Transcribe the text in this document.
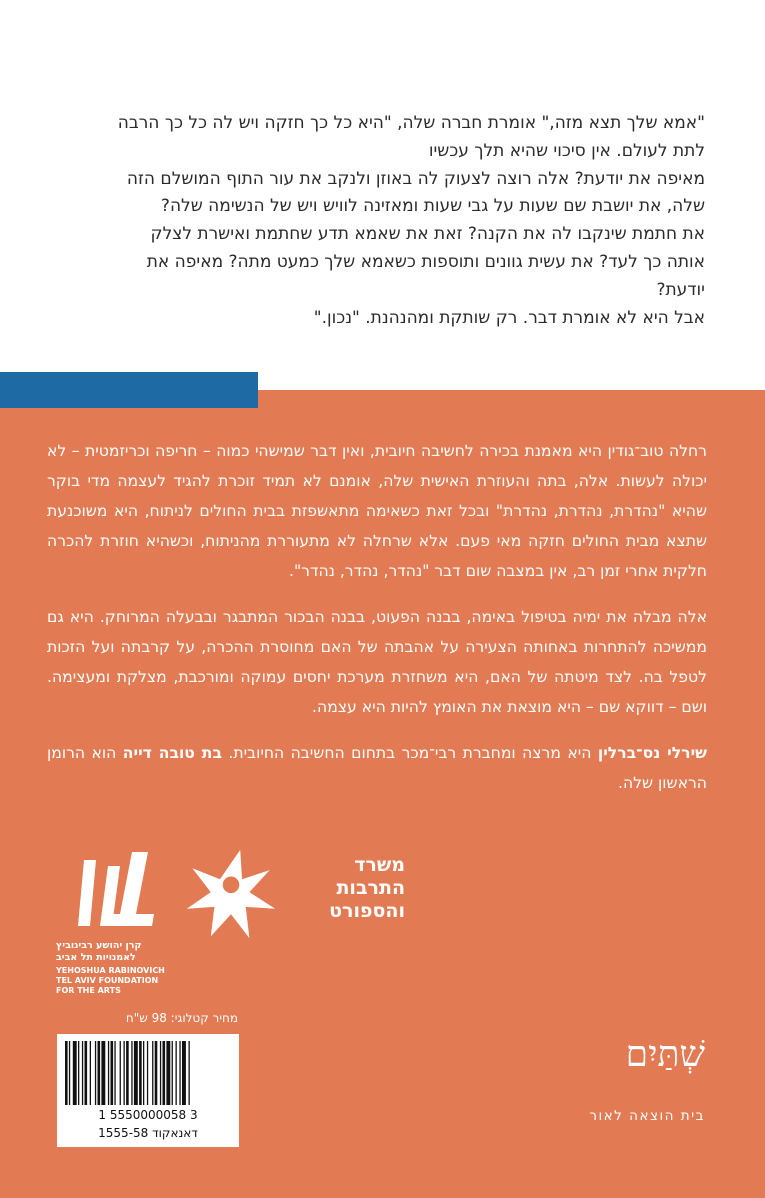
"אמא שלך תצא מזה," אומרת חברה שלה, "היא כל כך חזקה ויש לה כל כך הרבה

לתת לעולם. אין סיכוי שהיא תלך עכשיו

מאיפה את יודעת? אלה רוצה לצעוק לה באוזן ולנקב את עור התוף המושלם הזה

שלה, את יושבת שם שעות על גבי שעות ומאזינה לוויש ויש של הנשימה שלה?

את חתמת שינקבו לה את הקנה? זאת את שאמא תדע שחתמת ואישרת לצלק

אותה כך לעד? את עשית גוונים ותוספות כשאמא שלך כמעט מתה? מאיפה את

יודעת?

אבל היא לא אומרת דבר. רק שותקת ומהנהנת. "נכון."

רחלה טוב־גודין היא מאמנת בכירה לחשיבה חיובית, ואין דבר שמישהי כמוה – חריפה וכריזמטית – לא יכולה לעשות. אלה, בתה והעוזרת האישית שלה, אומנם לא תמיד זוכרת להגיד לעצמה מדי בוקר שהיא "נהדרת, נהדרת, נהדרת" ובכל זאת כשאימה מתאשפזת בבית החולים לניתוח, היא משוכנעת שתצא מבית החולים חזקה מאי פעם. אלא שרחלה לא מתעוררת מהניתוח, וכשהיא חוזרת להכרה חלקית אחרי זמן רב, אין במצבה שום דבר "נהדר, נהדר, נהדר".

אלה מבלה את ימיה בטיפול באימה, בבנה הפעוט, בבנה הבכור המתבגר ובבעלה המרוחק. היא גם ממשיכה להתחרות באחותה הצעירה על אהבתה של האם מחוסרת ההכרה, על קרבתה ועל הזכות לטפל בה. לצד מיטתה של האם, היא משחזרת מערכת יחסים עמוקה ומורכבת, מצלקת ומעצימה. ושם – דווקא שם – היא מוצאת את האומץ להיות היא עצמה.

שירלי נס־ברלין היא מרצה ומחברת רבי־מכר בתחום החשיבה החיובית. בת טובה דייה הוא הרומן הראשון שלה.

משרד
התרבות
והספורט
קרן יהושע רבינוביץ
לאמנויות תל אביב
YEHOSHUA RABINOVICH
TEL AVIV FOUNDATION
FOR THE ARTS
מחיר קטלוגי: 98 ש"ח
1 5550000058 3
דאנאקוד 1555-58
שְׁתַּיִם
בית הוצאה לאור
